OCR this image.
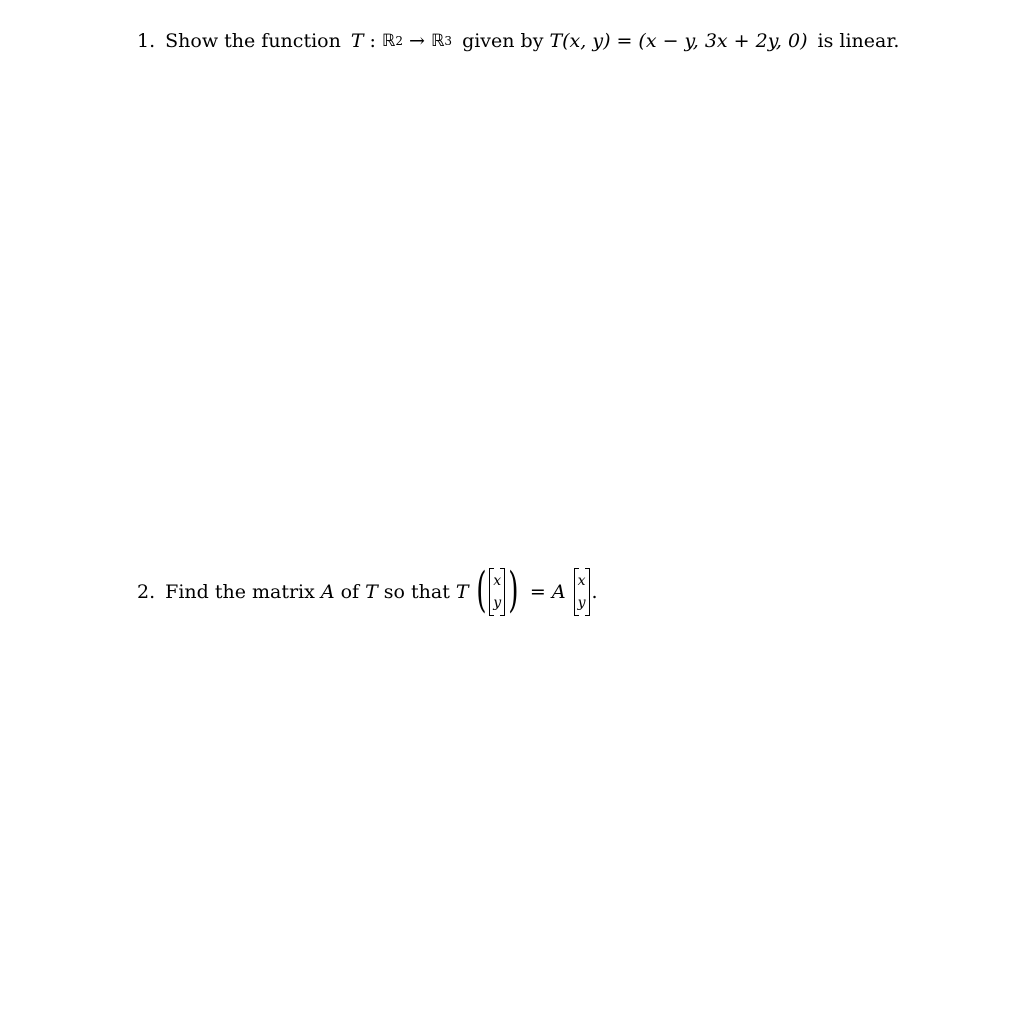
1. Show the function T : ℝ 2 → ℝ 3 given by T(x, y) = (x − y, 3x + 2y, 0) is linear.
2. Find the matrix A of T so that T ( x
y ) = A x
y
.
